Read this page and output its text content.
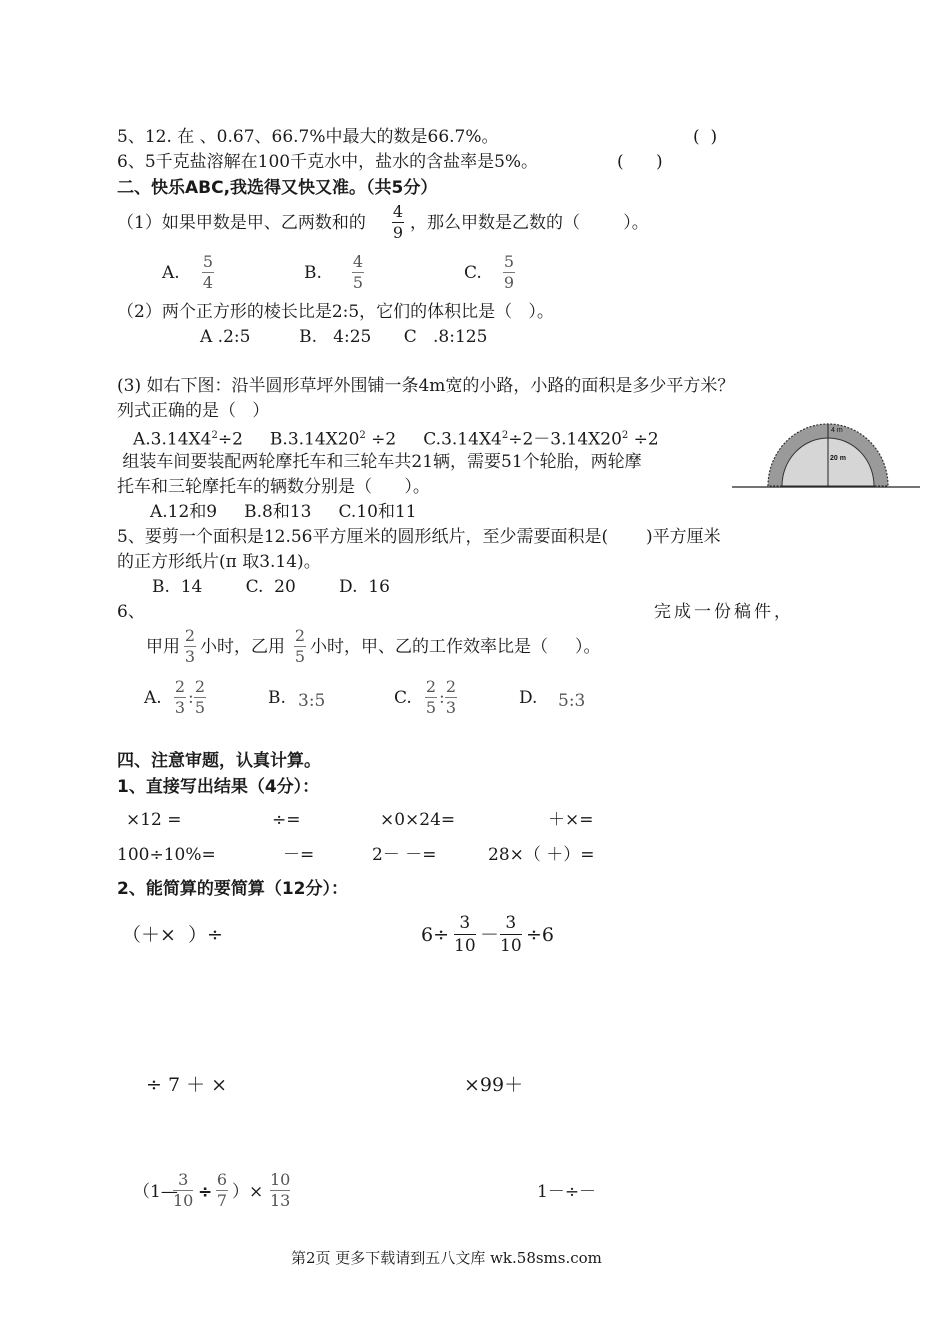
5、12. 在 、0.67、66.7%中最大的数是66.7%。	(  )
6、5千克盐溶解在100千克水中，盐水的含盐率是5%。	(      )
二、快乐ABC,我选得又快又准。（共5分）
（1）如果甲数是甲、乙两数和的
4
9 ，那么甲数是乙数的（        ）。
A.
5
4	B.
4
5	C.
5
9
（2）两个正方形的棱长比是2:5，它们的体积比是（   ）。
A .2:5         B.   4:25      C   .8:125
(3) 如右下图：沿半圆形草坪外围铺一条4m宽的小路，小路的面积是多少平方米？
列式正确的是（   ）
$A.3.14X4^2\div 2$ $B.3.14X20^2 \div 2$ $C.3.14X4^2\div 2-3.14X20^2 \div 2$	4 m
20 m
组装车间要装配两轮摩托车和三轮车共21辆，需要51个轮胎，两轮摩
托车和三轮摩托车的辆数分别是（      ）。
A.12和9     B.8和13     C.10和11
5、要剪一个面积是12.56平方厘米的圆形纸片，至少需要面积是(       )平方厘米
的正方形纸片(π 取3.14)。
B.  14        C.  20        D.  16
6、	完成一份稿件，
甲用
2
3 小时，乙用
2
5 小时，甲、乙的工作效率比是（     ）。
A.
2
3 :
2
5	B. 3:5	C.
2
5 :
2
3	D. 5:3
四、注意审题，认真计算。
1、直接写出结果（4分）：
×12 =	÷=	×0×24=	＋×=
100÷10%=	－=	2－ －=	28×（ ＋）=
2、能简算的要简算（12分）：
（＋×  ）÷	6÷
3
10 －
3
10 ÷6
÷ 7 ＋ ×	×99＋
（1—
3
10 ÷
6
7 ）×
10
13	1－÷－
第2页 更多下载请到五八文库 wk.58sms.com
